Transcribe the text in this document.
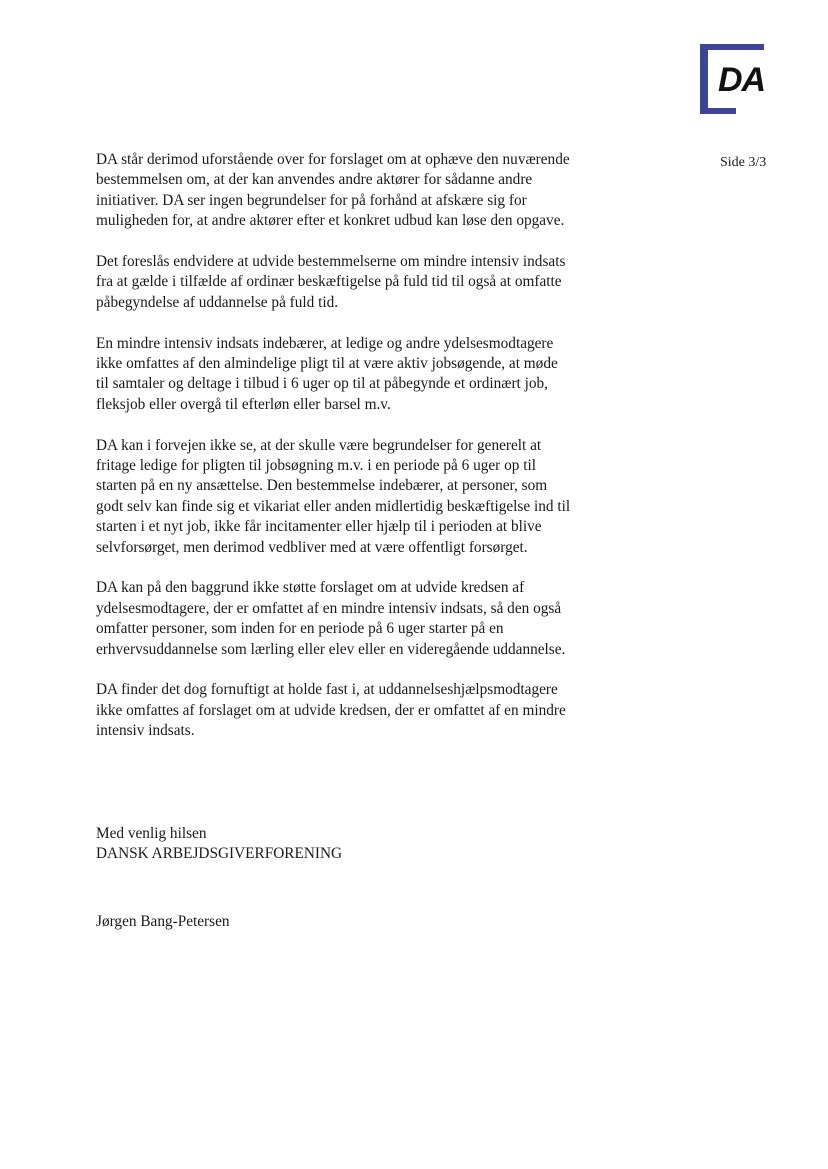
DA
Side 3/3

DA står derimod uforstående over for forslaget om at ophæve den nuværende bestemmelsen om, at der kan anvendes andre aktører for sådanne andre initiativer. DA ser ingen begrundelser for på forhånd at afskære sig for muligheden for, at andre aktører efter et konkret udbud kan løse den opgave.

Det foreslås endvidere at udvide bestemmelserne om mindre intensiv indsats fra at gælde i tilfælde af ordinær beskæftigelse på fuld tid til også at omfatte påbegyndelse af uddannelse på fuld tid.

En mindre intensiv indsats indebærer, at ledige og andre ydelsesmodtagere ikke omfattes af den almindelige pligt til at være aktiv jobsøgende, at møde til samtaler og deltage i tilbud i 6 uger op til at påbegynde et ordinært job, fleksjob eller overgå til efterløn eller barsel m.v.

DA kan i forvejen ikke se, at der skulle være begrundelser for generelt at fritage ledige for pligten til jobsøgning m.v. i en periode på 6 uger op til starten på en ny ansættelse. Den bestemmelse indebærer, at personer, som godt selv kan finde sig et vikariat eller anden midlertidig beskæftigelse ind til starten i et nyt job, ikke får incitamenter eller hjælp til i perioden at blive selvforsørget, men derimod vedbliver med at være offentligt forsørget.

DA kan på den baggrund ikke støtte forslaget om at udvide kredsen af ydelsesmodtagere, der er omfattet af en mindre intensiv indsats, så den også omfatter personer, som inden for en periode på 6 uger starter på en erhvervsuddannelse som lærling eller elev eller en videregående uddannelse.

DA finder det dog fornuftigt at holde fast i, at uddannelseshjælpsmodtagere ikke omfattes af forslaget om at udvide kredsen, der er omfattet af en mindre intensiv indsats.

Med venlig hilsen
DANSK ARBEJDSGIVERFORENING
Jørgen Bang-Petersen
